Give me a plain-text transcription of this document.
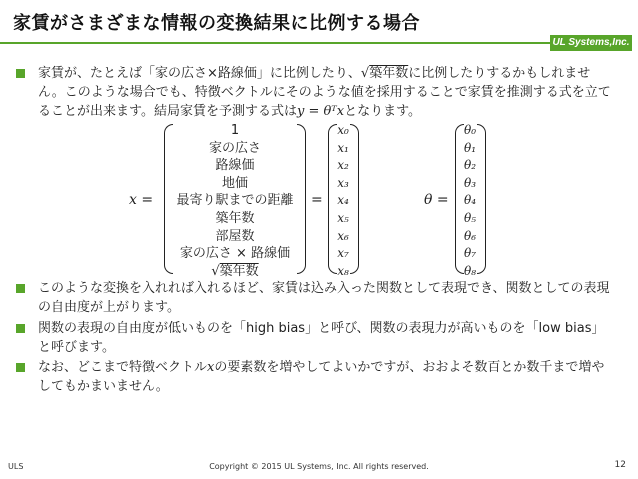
家賃がさまざまな情報の変換結果に比例する場合
UL Systems,Inc.
家賃が、たとえば「家の広さ×路線価」に比例したり、√築年数に比例したりするかもしれません。このような場合でも、特徴ベクトルにそのような値を採用することで家賃を推測する式を立てることが出来ます。結局家賃を予測する式はy = θᵀxとなります。
x =
1
家の広さ
路線価
地価
最寄り駅までの距離
築年数
部屋数
家の広さ × 路線価
√築年数
=
x₀
x₁
x₂
x₃
x₄
x₅
x₆
x₇
x₈
θ =
θ₀
θ₁
θ₂
θ₃
θ₄
θ₅
θ₆
θ₇
θ₈
このような変換を入れれば入れるほど、家賃は込み入った関数として表現でき、関数としての表現の自由度が上がります。
関数の表現の自由度が低いものを「high bias」と呼び、関数の表現力が高いものを「low bias」と呼びます。
なお、どこまで特徴ベクトルxの要素数を増やしてよいかですが、おおよそ数百とか数千まで増やしてもかまいません。
ULS	Copyright © 2015 UL Systems, Inc. All rights reserved.	12
